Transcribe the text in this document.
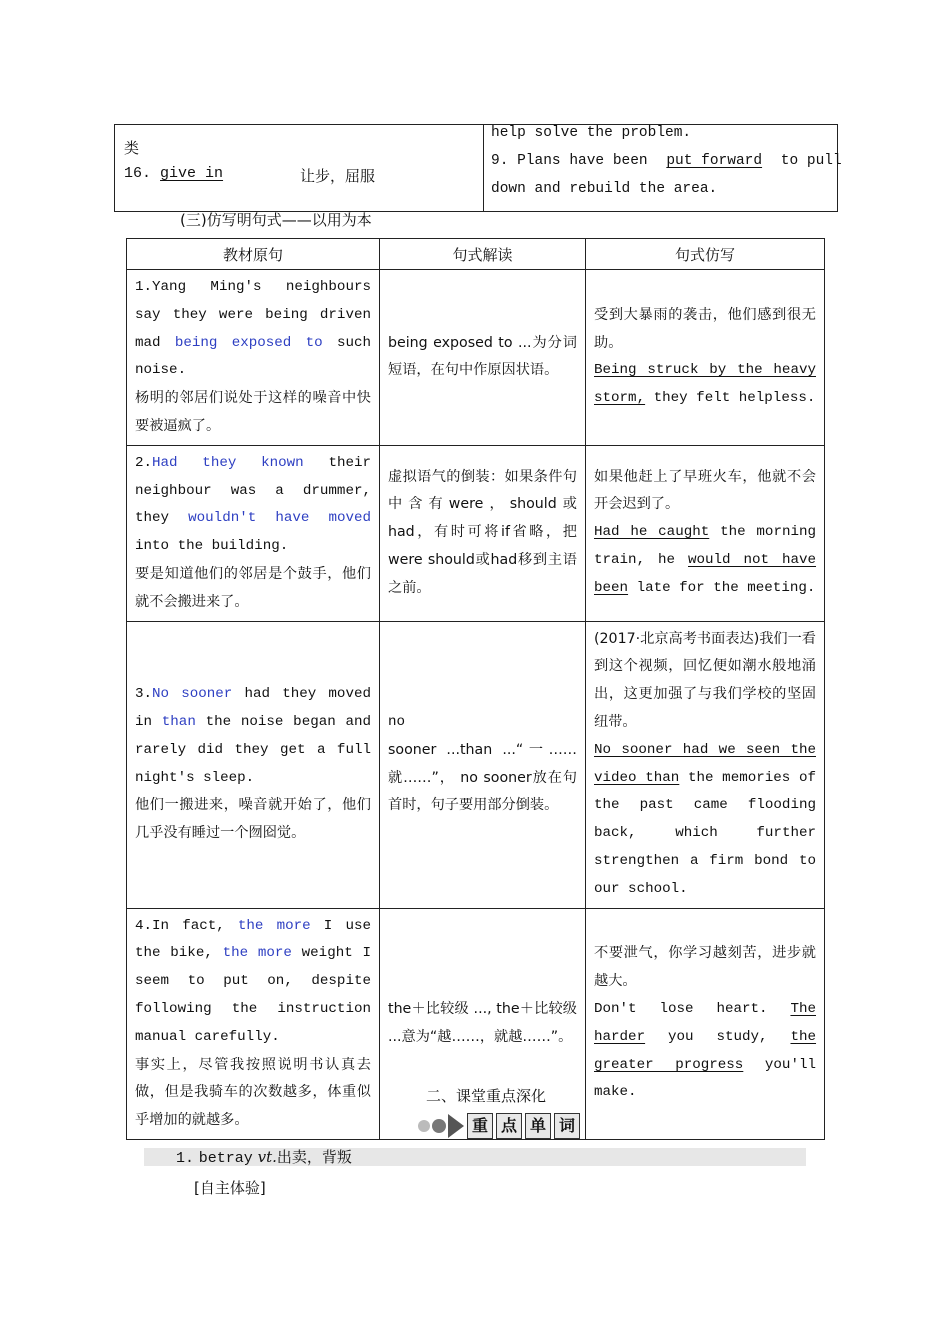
类
16. give in	让步，屈服
help solve the problem.
9. Plans have been put forward to pull
down and rebuild the area.
(三)仿写明句式——以用为本
教材原句	句式解读	句式仿写
1.Yang Ming's neighbours say they were being driven mad being exposed to such noise.
杨明的邻居们说处于这样的噪音中快要被逼疯了。	being exposed to ...为分词短语，在句中作原因状语。	受到大暴雨的袭击，他们感到很无助。
Being struck by the heavy storm, they felt helpless.
2.Had they known their neighbour was a drummer, they wouldn't have moved into the building.
要是知道他们的邻居是个鼓手，他们就不会搬进来了。	虚拟语气的倒装：如果条件句中含有were，should或had，有时可将if省略，把were should或had移到主语之前。	如果他赶上了早班火车，他就不会开会迟到了。
Had he caught the morning train, he would not have been late for the meeting.
3.No sooner had they moved in than the noise began and rarely did they get a full night's sleep.
他们一搬进来，噪音就开始了，他们几乎没有睡过一个囫囵觉。	no
sooner ...than ...“一……就……”， no sooner放在句首时，句子要用部分倒装。	(2017·北京高考书面表达)我们一看到这个视频，回忆便如潮水般地涌出，这更加强了与我们学校的坚固纽带。
No sooner had we seen the video than the memories of the past came flooding back, which further strengthen a firm bond to our school.
4.In fact, the more I use the bike, the more weight I seem to put on, despite following the instruction manual carefully.
事实上，尽管我按照说明书认真去做，但是我骑车的次数越多，体重似乎增加的就越多。	the＋比较级 ..., the＋比较级 ...意为“越……，就越……”。	不要泄气，你学习越刻苦，进步就越大。
Don't lose heart. The harder you study, the greater progress you'll make.
二、课堂重点深化
重 点 单 词
1. betray vt.出卖，背叛
[自主体验]
